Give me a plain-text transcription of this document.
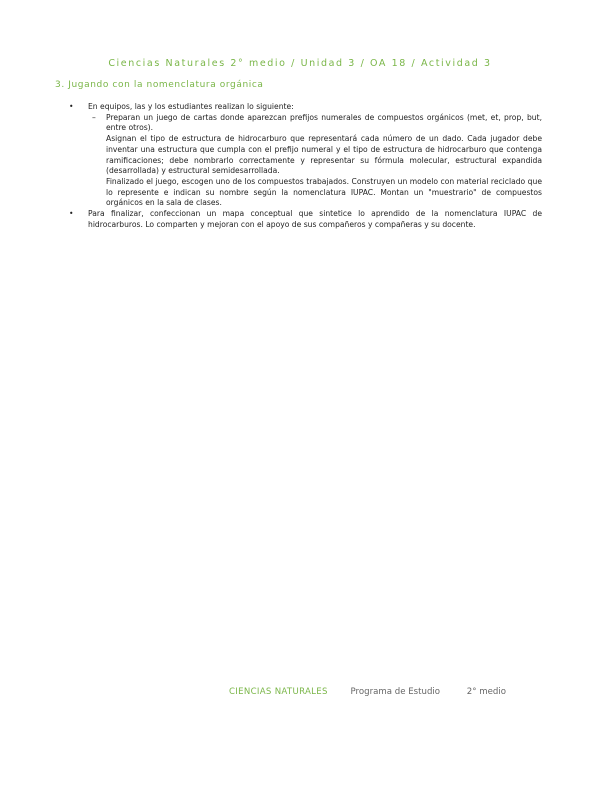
Ciencias Naturales 2° medio / Unidad 3 / OA 18 / Actividad 3
3. Jugando con la nomenclatura orgánica
• En equipos, las y los estudiantes realizan lo siguiente:
– Preparan un juego de cartas donde aparezcan prefijos numerales de compuestos orgánicos (met, et, prop, but, entre otros).
Asignan el tipo de estructura de hidrocarburo que representará cada número de un dado. Cada jugador debe inventar una estructura que cumpla con el prefijo numeral y el tipo de estructura de hidrocarburo que contenga ramificaciones; debe nombrarlo correctamente y representar su fórmula molecular, estructural expandida (desarrollada) y estructural semidesarrollada.
Finalizado el juego, escogen uno de los compuestos trabajados. Construyen un modelo con material reciclado que lo represente e indican su nombre según la nomenclatura IUPAC. Montan un "muestrario" de compuestos orgánicos en la sala de clases.
• Para finalizar, confeccionan un mapa conceptual que sintetice lo aprendido de la nomenclatura IUPAC de hidrocarburos. Lo comparten y mejoran con el apoyo de sus compañeros y compañeras y su docente.
CIENCIAS NATURALES	Programa de Estudio	2° medio
